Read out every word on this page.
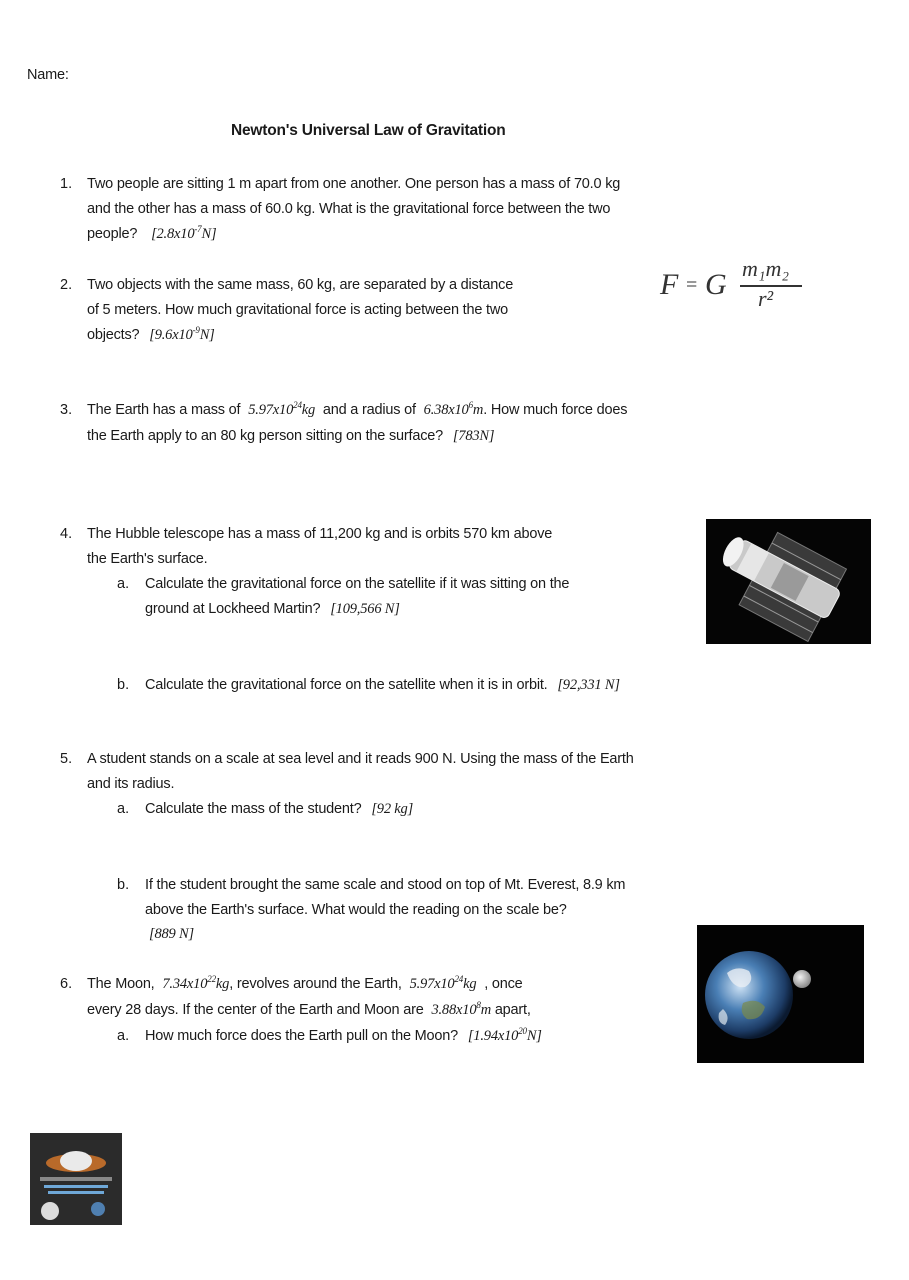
Name:
Newton's Universal Law of Gravitation
1. Two people are sitting 1 m apart from one another. One person has a mass of 70.0 kg
and the other has a mass of 60.0 kg. What is the gravitational force between the two
people? $[2.8x10^{-7}N]$
2. Two objects with the same mass, 60 kg, are separated by a distance
of 5 meters. How much gravitational force is acting between the two
objects? $[9.6x10^{-9}N]$
F = G m₁m₂
r²
3. The Earth has a mass of $5.97x10^{24}kg$ and a radius of $6.38x10^6m$. How much force does
the Earth apply to an 80 kg person sitting on the surface? [783N]
4. The Hubble telescope has a mass of 11,200 kg and is orbits 570 km above
the Earth's surface.
a. Calculate the gravitational force on the satellite if it was sitting on the
ground at Lockheed Martin? [109,566 N]
b. Calculate the gravitational force on the satellite when it is in orbit. [92,331 N]
5. A student stands on a scale at sea level and it reads 900 N. Using the mass of the Earth
and its radius.
a. Calculate the mass of the student? [92 kg]
b. If the student brought the same scale and stood on top of Mt. Everest, 8.9 km
above the Earth's surface. What would the reading on the scale be?
[889 N]
6. The Moon, $7.34x10^{22}kg$, revolves around the Earth, $5.97x10^{24}kg$ , once
every 28 days. If the center of the Earth and Moon are $3.88x10^8m$ apart,
a. How much force does the Earth pull on the Moon? $[1.94x10^{20}N]$
